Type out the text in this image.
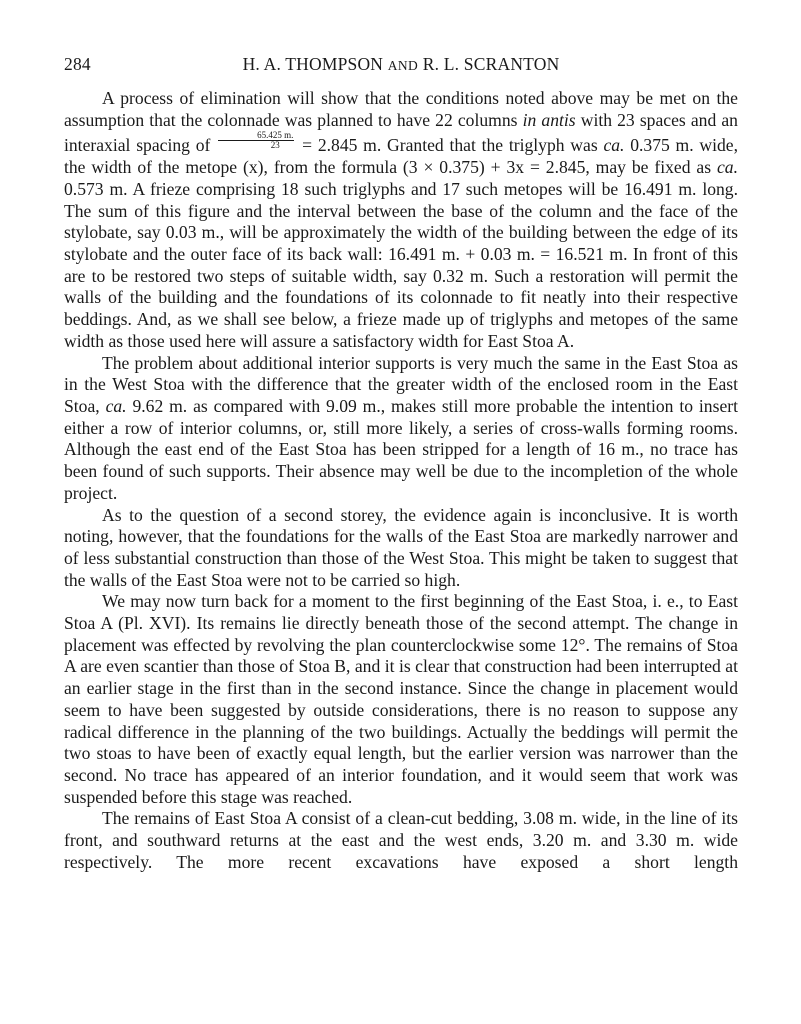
284	H. A. THOMPSON AND R. L. SCRANTON

A process of elimination will show that the conditions noted above may be met on the assumption that the colonnade was planned to have 22 columns in antis with 23 spaces and an interaxial spacing of $\frac{65.425 m.}{23} = 2.845$ m. Granted that the triglyph was ca. 0.375 m. wide, the width of the metope (x), from the formula (3 × 0.375) + 3x = 2.845, may be fixed as ca. 0.573 m. A frieze comprising 18 such triglyphs and 17 such metopes will be 16.491 m. long. The sum of this figure and the interval between the base of the column and the face of the stylobate, say 0.03 m., will be approximately the width of the building between the edge of its stylobate and the outer face of its back wall: 16.491 m. + 0.03 m. = 16.521 m. In front of this are to be restored two steps of suitable width, say 0.32 m. Such a restoration will permit the walls of the building and the foundations of its colonnade to fit neatly into their respective beddings. And, as we shall see below, a frieze made up of triglyphs and metopes of the same width as those used here will assure a satisfactory width for East Stoa A.

The problem about additional interior supports is very much the same in the East Stoa as in the West Stoa with the difference that the greater width of the enclosed room in the East Stoa, ca. 9.62 m. as compared with 9.09 m., makes still more probable the intention to insert either a row of interior columns, or, still more likely, a series of cross-walls forming rooms. Although the east end of the East Stoa has been stripped for a length of 16 m., no trace has been found of such supports. Their absence may well be due to the incompletion of the whole project.

As to the question of a second storey, the evidence again is inconclusive. It is worth noting, however, that the foundations for the walls of the East Stoa are markedly narrower and of less substantial construction than those of the West Stoa. This might be taken to suggest that the walls of the East Stoa were not to be carried so high.

We may now turn back for a moment to the first beginning of the East Stoa, i. e., to East Stoa A (Pl. XVI). Its remains lie directly beneath those of the second attempt. The change in placement was effected by revolving the plan counterclockwise some 12°. The remains of Stoa A are even scantier than those of Stoa B, and it is clear that construction had been interrupted at an earlier stage in the first than in the second instance. Since the change in placement would seem to have been suggested by outside considerations, there is no reason to suppose any radical difference in the planning of the two buildings. Actually the beddings will permit the two stoas to have been of exactly equal length, but the earlier version was narrower than the second. No trace has appeared of an interior foundation, and it would seem that work was suspended before this stage was reached.

The remains of East Stoa A consist of a clean-cut bedding, 3.08 m. wide, in the line of its front, and southward returns at the east and the west ends, 3.20 m. and 3.30 m. wide respectively. The more recent excavations have exposed a short length
